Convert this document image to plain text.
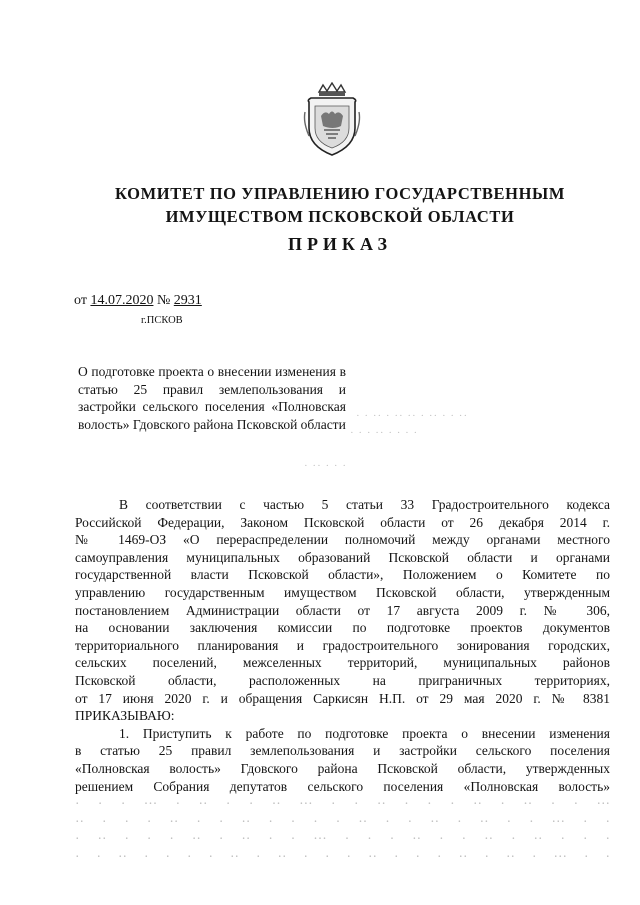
КОМИТЕТ ПО УПРАВЛЕНИЮ ГОСУДАРСТВЕННЫМ
ИМУЩЕСТВОМ ПСКОВСКОЙ ОБЛАСТИ
ПРИКАЗ
от 14.07.2020 № 2931
г.ПСКОВ
О подготовке проекта о внесении изменения в статью 25 правил землепользования и застройки сельского поселения «Полновская волость» Гдовского района Псковской области
· · ·· · ·· ·· · ·· · · ··
· · · ·· · · · ·
· ·· · · ·

В соответствии с частью 5 статьи 33 Градостроительного кодекса

Российской Федерации, Законом Псковской области от 26 декабря 2014 г.

№ 1469-ОЗ «О перераспределении полномочий между органами местного

самоуправления муниципальных образований Псковской области и органами

государственной власти Псковской области», Положением о Комитете по

управлению государственным имуществом Псковской области, утвержденным

постановлением Администрации области от 17 августа 2009 г. № 306,

на основании заключения комиссии по подготовке проектов документов

территориального планирования и градостроительного зонирования городских,

сельских поселений, межселенных территорий, муниципальных районов

Псковской области, расположенных на приграничных территориях,

от 17 июня 2020 г. и обращения Саркисян Н.П. от 29 мая 2020 г. № 8381

ПРИКАЗЫВАЮ:

1. Приступить к работе по подготовке проекта о внесении изменения

в статью 25 правил землепользования и застройки сельского поселения

«Полновская волость» Гдовского района Псковской области, утвержденных

решением Собрания депутатов сельского поселения «Полновская волость»

· · · ··· · ·· · · ·· ··· · · ·· · · · ·· · ·· · · ···

·· · · · ·· · · ·· · · · · ·· · · ·· · ·· · · ··· · ·

· ·· · · · ·· · ·· · · ··· · · · ·· · · ·· · ·· · · ·

· · ·· · · · · ·· · ·· · · · ·· · · · ·· · ·· · ··· · ·
